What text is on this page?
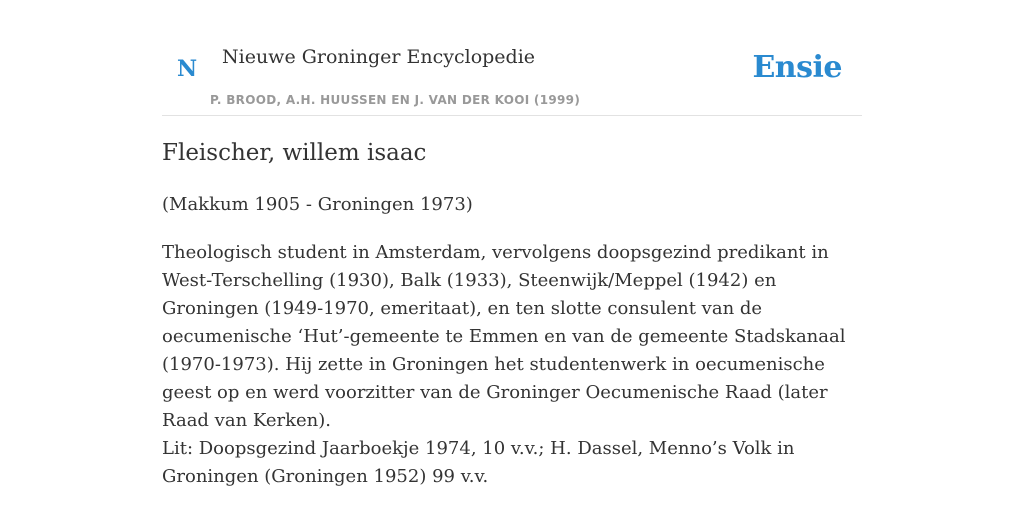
N Nieuwe Groninger Encyclopedie
P. BROOD, A.H. HUUSSEN EN J. VAN DER KOOI (1999)
Ensie
Fleischer, willem isaac

(Makkum 1905 - Groningen 1973)

Theologisch student in Amsterdam, vervolgens doopsgezind predikant in West-Terschelling (1930), Balk (1933), Steenwijk/Meppel (1942) en Groningen (1949-1970, emeritaat), en ten slotte consulent van de oecumenische ‘Hut’-gemeente te Emmen en van de gemeente Stadskanaal (1970-1973). Hij zette in Groningen het studentenwerk in oecumenische geest op en werd voorzitter van de Groninger Oecumenische Raad (later Raad van Kerken).

Lit: Doopsgezind Jaarboekje 1974, 10 v.v.; H. Dassel, Menno’s Volk in Groningen (Groningen 1952) 99 v.v.
